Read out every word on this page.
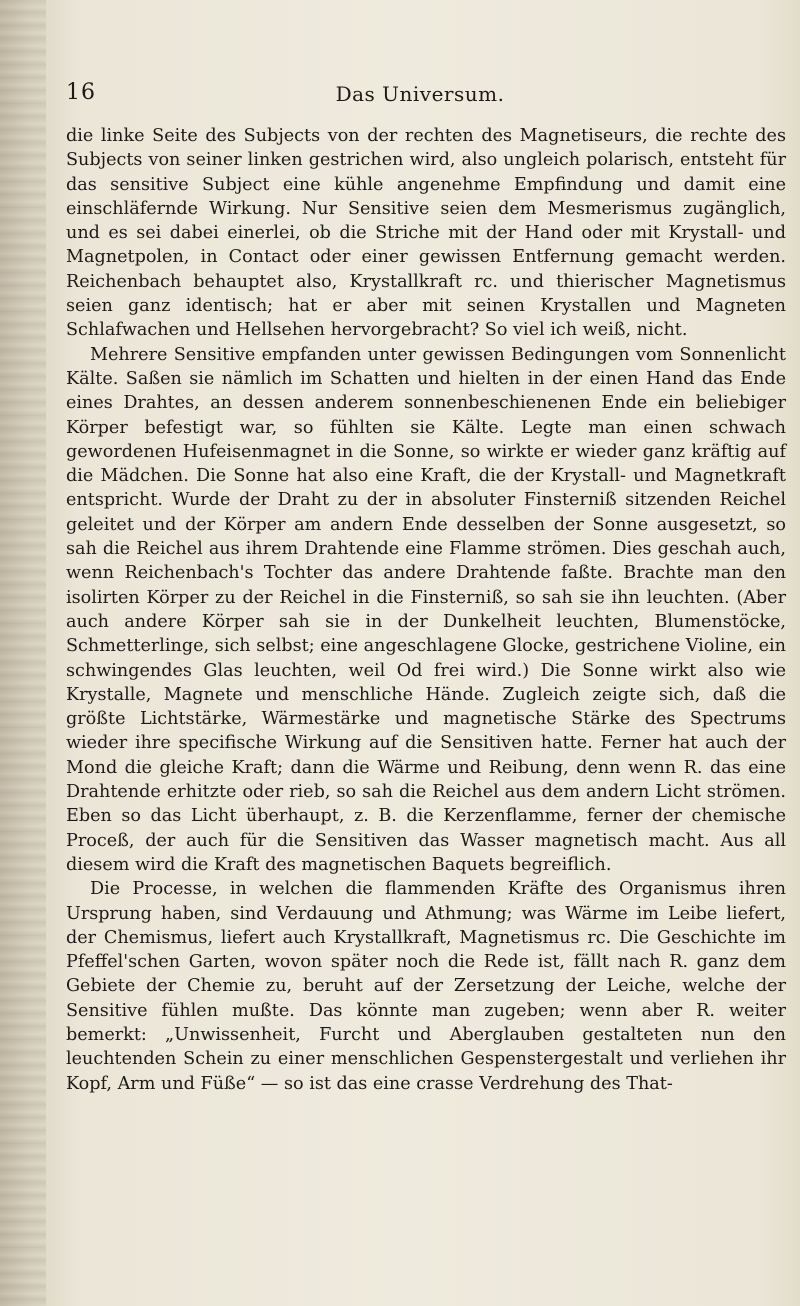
16	Das Universum.

die linke Seite des Subjects von der rechten des Magnetiseurs, die rechte des Subjects von seiner linken gestrichen wird, also ungleich polarisch, entsteht für das sensitive Subject eine kühle angenehme Empfindung und damit eine einschläfernde Wirkung. Nur Sensitive seien dem Mesmerismus zugänglich, und es sei dabei einerlei, ob die Striche mit der Hand oder mit Krystall- und Magnetpolen, in Contact oder einer gewissen Entfernung gemacht werden. Reichenbach behauptet also, Krystallkraft rc. und thierischer Magnetismus seien ganz identisch; hat er aber mit seinen Krystallen und Magneten Schlafwachen und Hellsehen hervorgebracht? So viel ich weiß, nicht.

Mehrere Sensitive empfanden unter gewissen Bedingungen vom Sonnenlicht Kälte. Saßen sie nämlich im Schatten und hielten in der einen Hand das Ende eines Drahtes, an dessen anderem sonnenbeschienenen Ende ein beliebiger Körper befestigt war, so fühlten sie Kälte. Legte man einen schwach gewordenen Hufeisenmagnet in die Sonne, so wirkte er wieder ganz kräftig auf die Mädchen. Die Sonne hat also eine Kraft, die der Krystall- und Magnetkraft entspricht. Wurde der Draht zu der in absoluter Finsterniß sitzenden Reichel geleitet und der Körper am andern Ende desselben der Sonne ausgesetzt, so sah die Reichel aus ihrem Drahtende eine Flamme strömen. Dies geschah auch, wenn Reichenbach's Tochter das andere Drahtende faßte. Brachte man den isolirten Körper zu der Reichel in die Finsterniß, so sah sie ihn leuchten. (Aber auch andere Körper sah sie in der Dunkelheit leuchten, Blumenstöcke, Schmetterlinge, sich selbst; eine angeschlagene Glocke, gestrichene Violine, ein schwingendes Glas leuchten, weil Od frei wird.) Die Sonne wirkt also wie Krystalle, Magnete und menschliche Hände. Zugleich zeigte sich, daß die größte Lichtstärke, Wärmestärke und magnetische Stärke des Spectrums wieder ihre specifische Wirkung auf die Sensitiven hatte. Ferner hat auch der Mond die gleiche Kraft; dann die Wärme und Reibung, denn wenn R. das eine Drahtende erhitzte oder rieb, so sah die Reichel aus dem andern Licht strömen. Eben so das Licht überhaupt, z. B. die Kerzenflamme, ferner der chemische Proceß, der auch für die Sensitiven das Wasser magnetisch macht. Aus all diesem wird die Kraft des magnetischen Baquets begreiflich.

Die Processe, in welchen die flammenden Kräfte des Organismus ihren Ursprung haben, sind Verdauung und Athmung; was Wärme im Leibe liefert, der Chemismus, liefert auch Krystallkraft, Magnetismus rc. Die Geschichte im Pfeffel'schen Garten, wovon später noch die Rede ist, fällt nach R. ganz dem Gebiete der Chemie zu, beruht auf der Zersetzung der Leiche, welche der Sensitive fühlen mußte. Das könnte man zugeben; wenn aber R. weiter bemerkt: „Unwissenheit, Furcht und Aberglauben gestalteten nun den leuchtenden Schein zu einer menschlichen Gespenstergestalt und verliehen ihr Kopf, Arm und Füße“ — so ist das eine crasse Verdrehung des That-
